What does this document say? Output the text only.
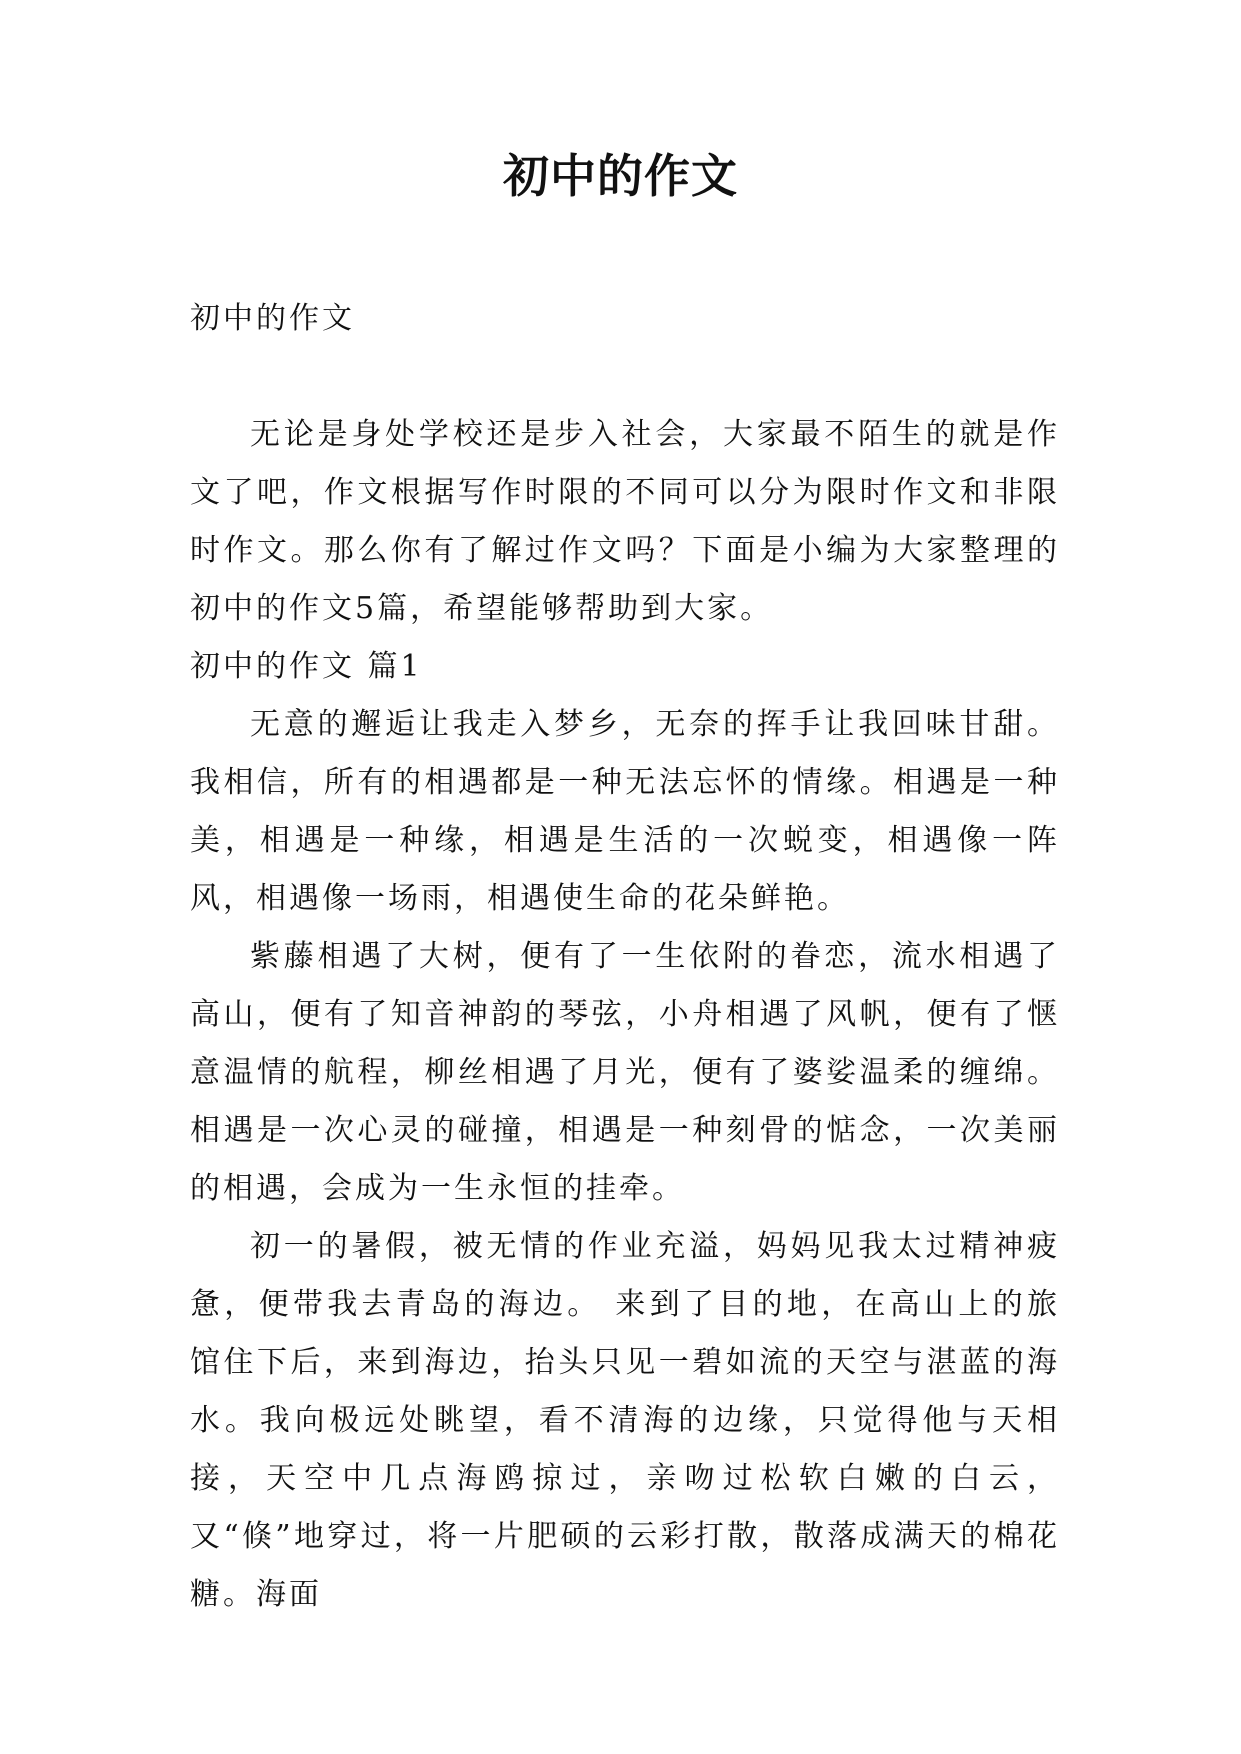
初中的作文

初中的作文

无论是身处学校还是步入社会，大家最不陌生的就是作文了吧，作文根据写作时限的不同可以分为限时作文和非限时作文。那么你有了解过作文吗？下面是小编为大家整理的初中的作文5篇，希望能够帮助到大家。

初中的作文 篇1

无意的邂逅让我走入梦乡，无奈的挥手让我回味甘甜。我相信，所有的相遇都是一种无法忘怀的情缘。相遇是一种美，相遇是一种缘，相遇是生活的一次蜕变，相遇像一阵风，相遇像一场雨，相遇使生命的花朵鲜艳。

紫藤相遇了大树，便有了一生依附的眷恋，流水相遇了高山，便有了知音神韵的琴弦，小舟相遇了风帆，便有了惬意温情的航程，柳丝相遇了月光，便有了婆娑温柔的缠绵。相遇是一次心灵的碰撞，相遇是一种刻骨的惦念，一次美丽的相遇，会成为一生永恒的挂牵。

初一的暑假，被无情的作业充溢，妈妈见我太过精神疲惫，便带我去青岛的海边。 来到了目的地，在高山上的旅馆住下后，来到海边，抬头只见一碧如流的天空与湛蓝的海水。我向极远处眺望，看不清海的边缘，只觉得他与天相接，天空中几点海鸥掠过，亲吻过松软白嫩的白云，又“倏”地穿过，将一片肥硕的云彩打散，散落成满天的棉花糖。海面
